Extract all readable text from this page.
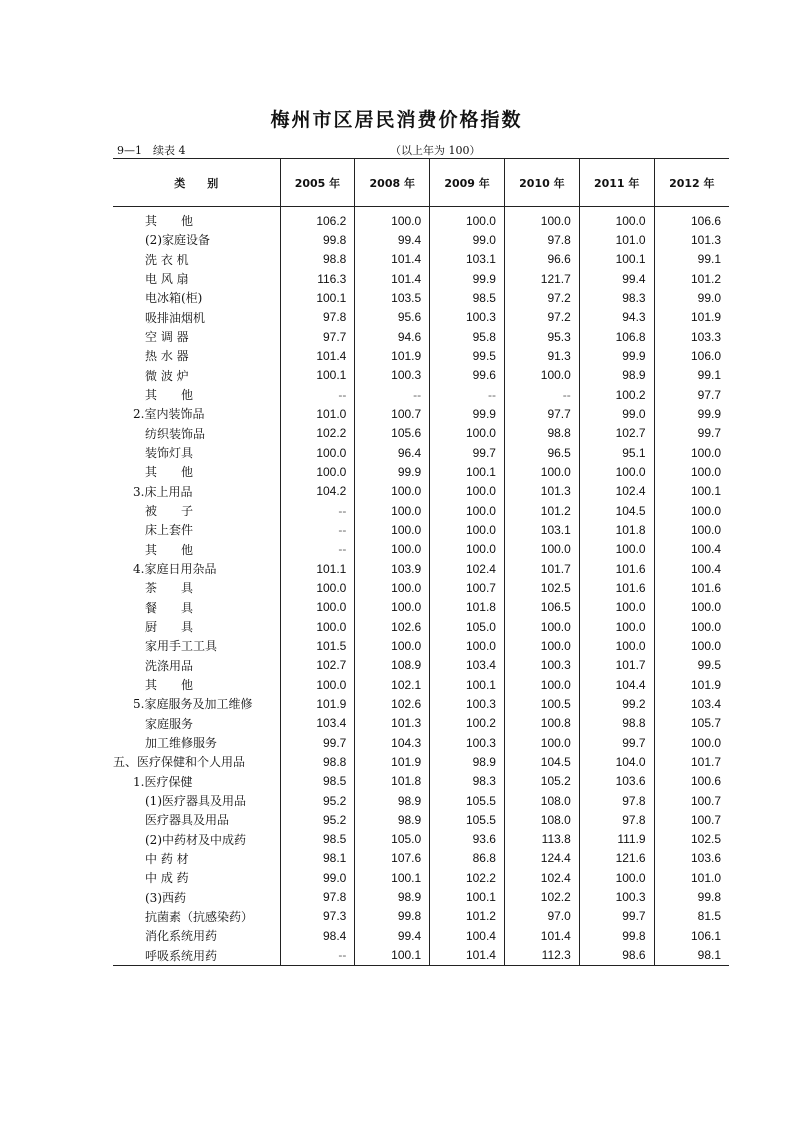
梅州市区居民消费价格指数
9—1　续表 4	（以上年为 100）
类　　别	2005 年	2008 年	2009 年	2010 年	2011 年	2012 年
其　　他	106.2	100.0	100.0	100.0	100.0	106.6
(2)家庭设备	99.8	99.4	99.0	97.8	101.0	101.3
洗 衣 机	98.8	101.4	103.1	96.6	100.1	99.1
电 风 扇	116.3	101.4	99.9	121.7	99.4	101.2
电冰箱(柜)	100.1	103.5	98.5	97.2	98.3	99.0
吸排油烟机	97.8	95.6	100.3	97.2	94.3	101.9
空 调 器	97.7	94.6	95.8	95.3	106.8	103.3
热 水 器	101.4	101.9	99.5	91.3	99.9	106.0
微 波 炉	100.1	100.3	99.6	100.0	98.9	99.1
其　　他	--	--	--	--	100.2	97.7
2.室内装饰品	101.0	100.7	99.9	97.7	99.0	99.9
纺织装饰品	102.2	105.6	100.0	98.8	102.7	99.7
装饰灯具	100.0	96.4	99.7	96.5	95.1	100.0
其　　他	100.0	99.9	100.1	100.0	100.0	100.0
3.床上用品	104.2	100.0	100.0	101.3	102.4	100.1
被　　子	--	100.0	100.0	101.2	104.5	100.0
床上套件	--	100.0	100.0	103.1	101.8	100.0
其　　他	--	100.0	100.0	100.0	100.0	100.4
4.家庭日用杂品	101.1	103.9	102.4	101.7	101.6	100.4
茶　　具	100.0	100.0	100.7	102.5	101.6	101.6
餐　　具	100.0	100.0	101.8	106.5	100.0	100.0
厨　　具	100.0	102.6	105.0	100.0	100.0	100.0
家用手工工具	101.5	100.0	100.0	100.0	100.0	100.0
洗涤用品	102.7	108.9	103.4	100.3	101.7	99.5
其　　他	100.0	102.1	100.1	100.0	104.4	101.9
5.家庭服务及加工维修	101.9	102.6	100.3	100.5	99.2	103.4
家庭服务	103.4	101.3	100.2	100.8	98.8	105.7
加工维修服务	99.7	104.3	100.3	100.0	99.7	100.0
五、医疗保健和个人用品	98.8	101.9	98.9	104.5	104.0	101.7
1.医疗保健	98.5	101.8	98.3	105.2	103.6	100.6
(1)医疗器具及用品	95.2	98.9	105.5	108.0	97.8	100.7
医疗器具及用品	95.2	98.9	105.5	108.0	97.8	100.7
(2)中药材及中成药	98.5	105.0	93.6	113.8	111.9	102.5
中 药 材	98.1	107.6	86.8	124.4	121.6	103.6
中 成 药	99.0	100.1	102.2	102.4	100.0	101.0
(3)西药	97.8	98.9	100.1	102.2	100.3	99.8
抗菌素（抗感染药）	97.3	99.8	101.2	97.0	99.7	81.5
消化系统用药	98.4	99.4	100.4	101.4	99.8	106.1
呼吸系统用药	--	100.1	101.4	112.3	98.6	98.1
